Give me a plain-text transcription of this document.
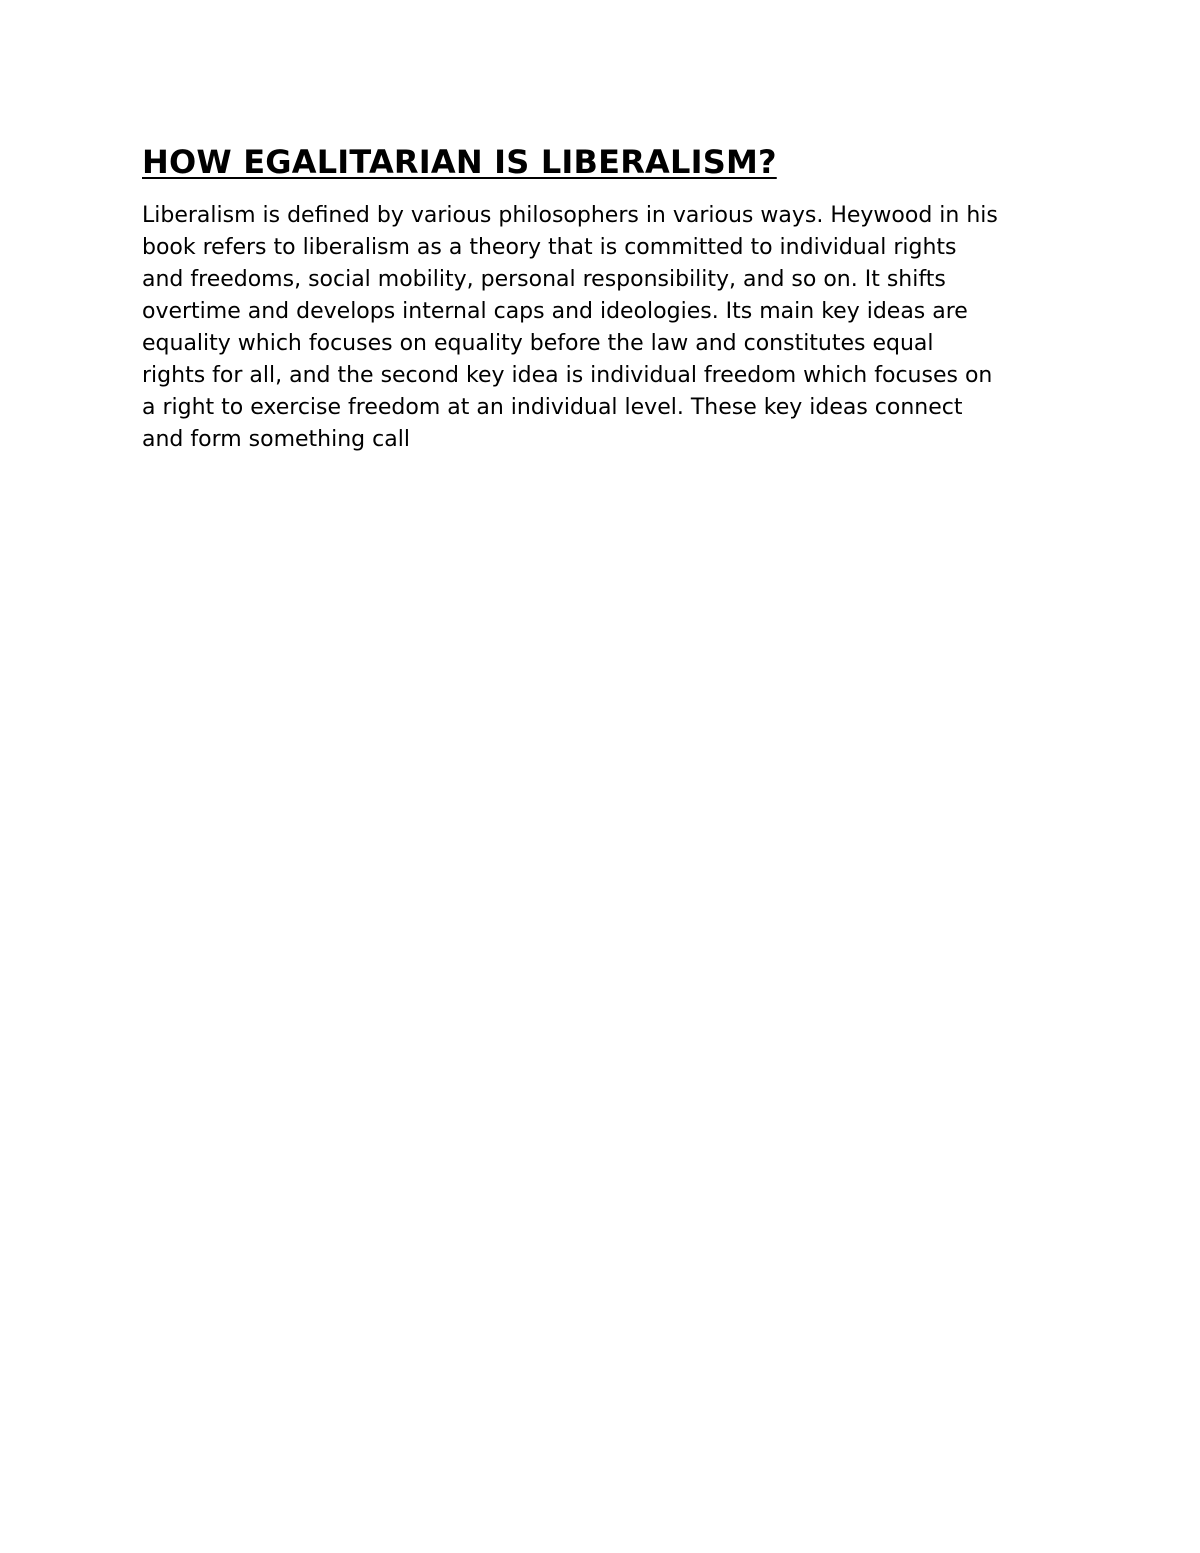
HOW EGALITARIAN IS LIBERALISM?

Liberalism is defined by various philosophers in various ways. Heywood in his

book refers to liberalism as a theory that is committed to individual rights

and freedoms, social mobility, personal responsibility, and so on. It shifts

overtime and develops internal caps and ideologies. Its main key ideas are

equality which focuses on equality before the law and constitutes equal

rights for all, and the second key idea is individual freedom which focuses on

a right to exercise freedom at an individual level. These key ideas connect

and form something call
